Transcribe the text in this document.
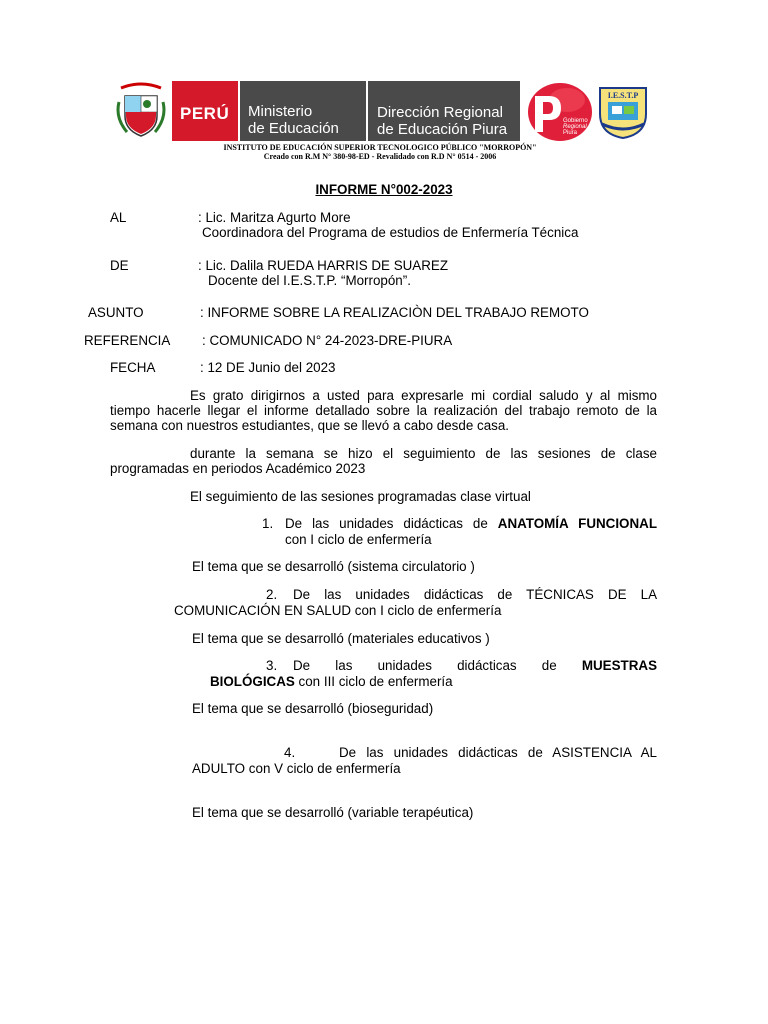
PERÚ Ministerio
de Educación
Dirección Regional
de Educación Piura	Gobierno
Regional
Piura
I.E.S.T.P
INSTITUTO DE EDUCACIÓN SUPERIOR TECNOLOGICO PÚBLICO "MORROPÓN"
Creado con R.M N° 380-98-ED - Revalidado con R.D N° 0514 - 2006
INFORME N°002-2023
AL	: Lic. Maritza Agurto More
Coordinadora del Programa de estudios de Enfermería Técnica
DE	: Lic. Dalila RUEDA HARRIS DE SUAREZ
Docente del I.E.S.T.P. “Morropón”.
ASUNTO	: INFORME SOBRE LA REALIZACIÒN DEL TRABAJO REMOTO
REFERENCIA : COMUNICADO N° 24-2023-DRE-PIURA
FECHA	: 12 DE Junio del 2023
Es grato dirigirnos a usted para expresarle mi cordial saludo y al mismo
tiempo hacerle llegar el informe detallado sobre la realización del trabajo remoto de la
semana con nuestros estudiantes, que se llevó a cabo desde casa.
durante la semana se hizo el seguimiento de las sesiones de clase
programadas en periodos Académico 2023
El seguimiento de las sesiones programadas clase virtual
1. De las unidades didácticas de ANATOMÍA FUNCIONAL
con I ciclo de enfermería
El tema que se desarrolló (sistema circulatorio )
2. De las unidades didácticas de TÉCNICAS DE LA
COMUNICACIÓN EN SALUD con I ciclo de enfermería
El tema que se desarrolló (materiales educativos )
3. De las unidades didácticas de MUESTRAS
BIOLÓGICAS con III ciclo de enfermería
El tema que se desarrolló (bioseguridad)
4.	De las unidades didácticas de ASISTENCIA AL
ADULTO con V ciclo de enfermería
El tema que se desarrolló (variable terapéutica)
